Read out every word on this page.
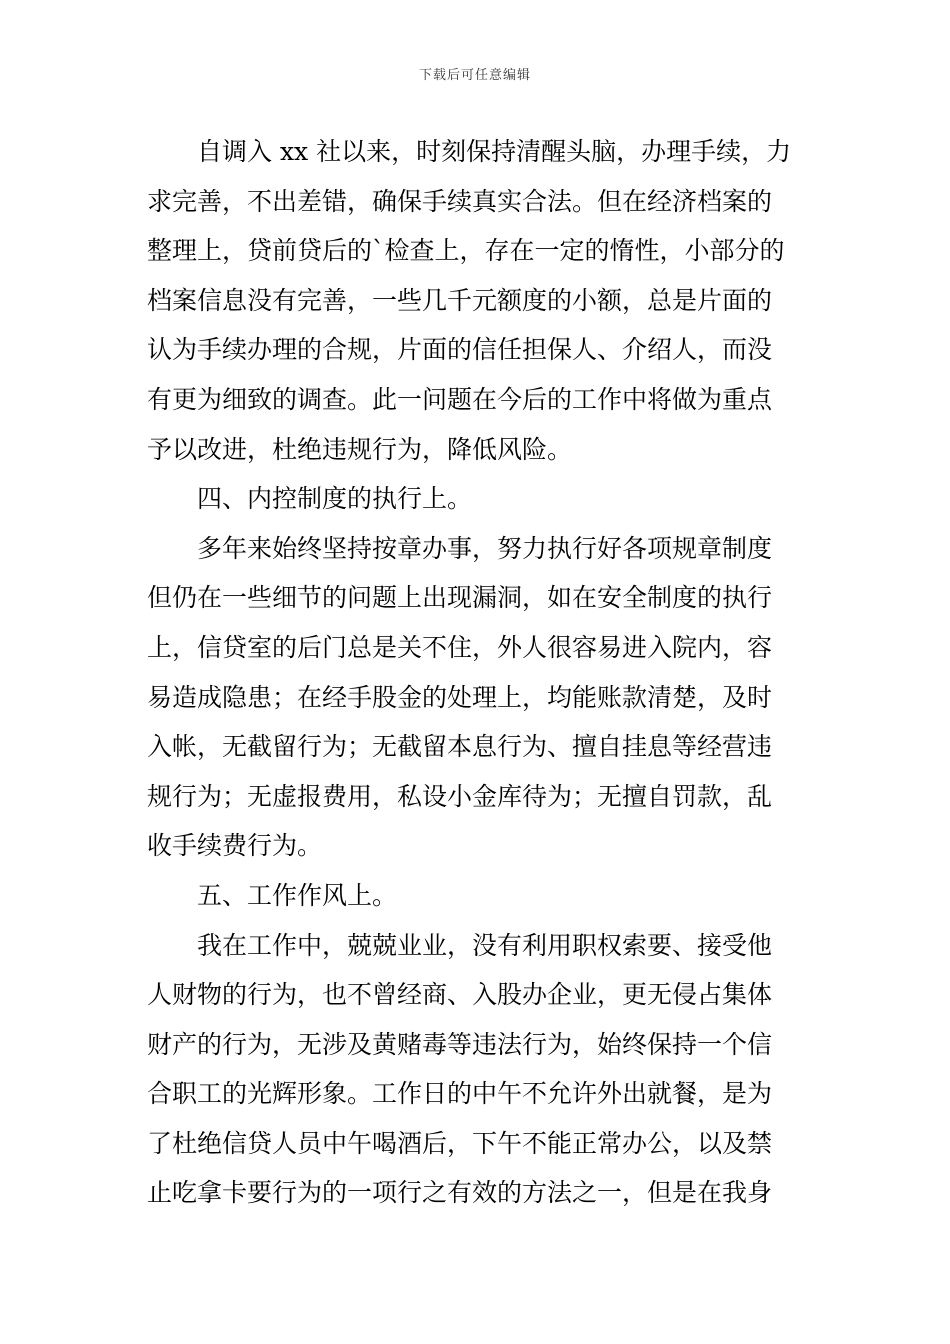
下载后可任意编辑
自调入 xx 社以来，时刻保持清醒头脑，办理手续，力
求完善，不出差错，确保手续真实合法。但在经济档案的
整理上，贷前贷后的`检查上，存在一定的惰性，小部分的
档案信息没有完善，一些几千元额度的小额，总是片面的
认为手续办理的合规，片面的信任担保人、介绍人，而没
有更为细致的调查。此一问题在今后的工作中将做为重点
予以改进，杜绝违规行为，降低风险。
四、内控制度的执行上。
多年来始终坚持按章办事，努力执行好各项规章制度
但仍在一些细节的问题上出现漏洞，如在安全制度的执行
上，信贷室的后门总是关不住，外人很容易进入院内，容
易造成隐患；在经手股金的处理上，均能账款清楚，及时
入帐，无截留行为；无截留本息行为、擅自挂息等经营违
规行为；无虚报费用，私设小金库待为；无擅自罚款，乱
收手续费行为。
五、工作作风上。
我在工作中，兢兢业业，没有利用职权索要、接受他
人财物的行为，也不曾经商、入股办企业，更无侵占集体
财产的行为，无涉及黄赌毒等违法行为，始终保持一个信
合职工的光辉形象。工作日的中午不允许外出就餐，是为
了杜绝信贷人员中午喝酒后，下午不能正常办公，以及禁
止吃拿卡要行为的一项行之有效的方法之一，但是在我身
